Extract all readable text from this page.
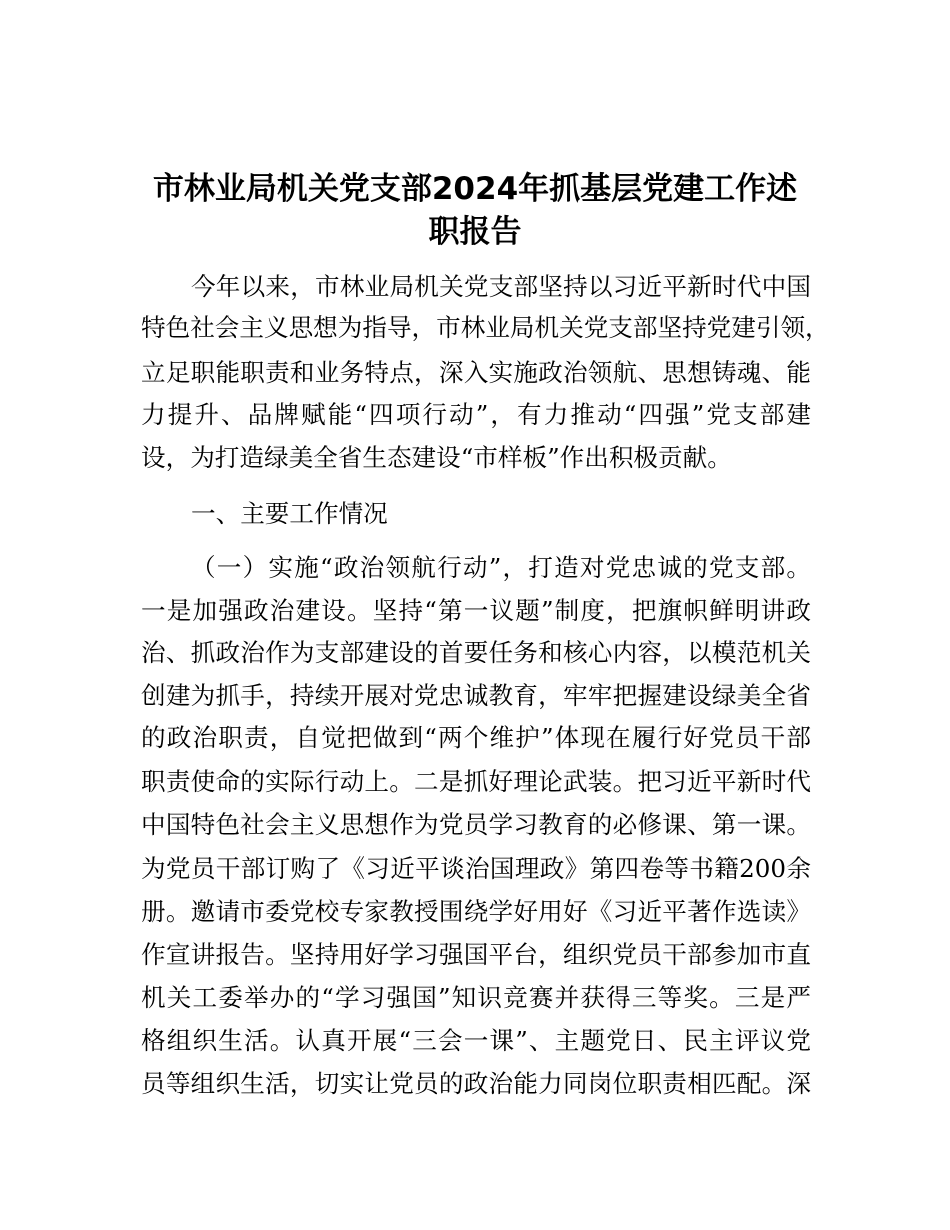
市林业局机关党支部2024年抓基层党建工作述
职报告
今年以来，市林业局机关党支部坚持以习近平新时代中国
特色社会主义思想为指导，市林业局机关党支部坚持党建引领，
立足职能职责和业务特点，深入实施政治领航、思想铸魂、能
力提升、品牌赋能“四项行动”，有力推动“四强”党支部建
设，为打造绿美全省生态建设“市样板”作出积极贡献。
一、主要工作情况
（一）实施“政治领航行动”，打造对党忠诚的党支部。
一是加强政治建设。坚持“第一议题”制度，把旗帜鲜明讲政
治、抓政治作为支部建设的首要任务和核心内容，以模范机关
创建为抓手，持续开展对党忠诚教育，牢牢把握建设绿美全省
的政治职责，自觉把做到“两个维护”体现在履行好党员干部
职责使命的实际行动上。二是抓好理论武装。把习近平新时代
中国特色社会主义思想作为党员学习教育的必修课、第一课。
为党员干部订购了《习近平谈治国理政》第四卷等书籍200余
册。邀请市委党校专家教授围绕学好用好《习近平著作选读》
作宣讲报告。坚持用好学习强国平台，组织党员干部参加市直
机关工委举办的“学习强国”知识竞赛并获得三等奖。三是严
格组织生活。认真开展“三会一课”、主题党日、民主评议党
员等组织生活，切实让党员的政治能力同岗位职责相匹配。深
